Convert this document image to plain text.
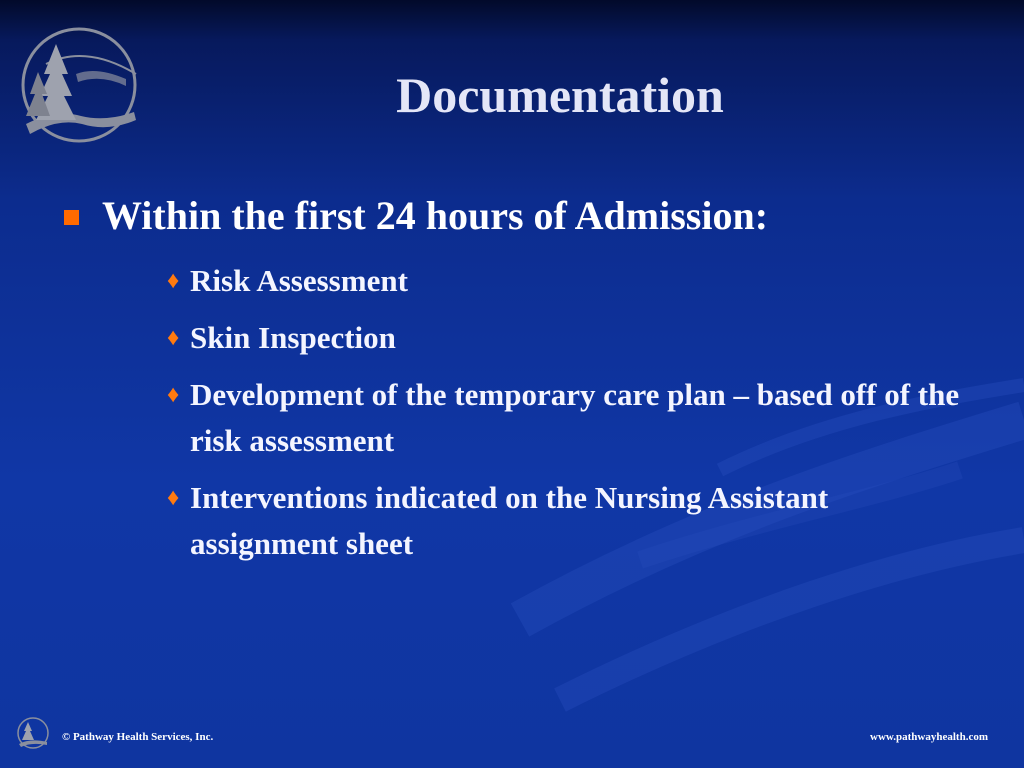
Documentation
Within the first 24 hours of Admission:
♦ Risk Assessment
♦ Skin Inspection
♦ Development of the temporary care plan – based off of the risk assessment
♦ Interventions indicated on the Nursing Assistant assignment sheet
© Pathway Health Services, Inc.	www.pathwayhealth.com
